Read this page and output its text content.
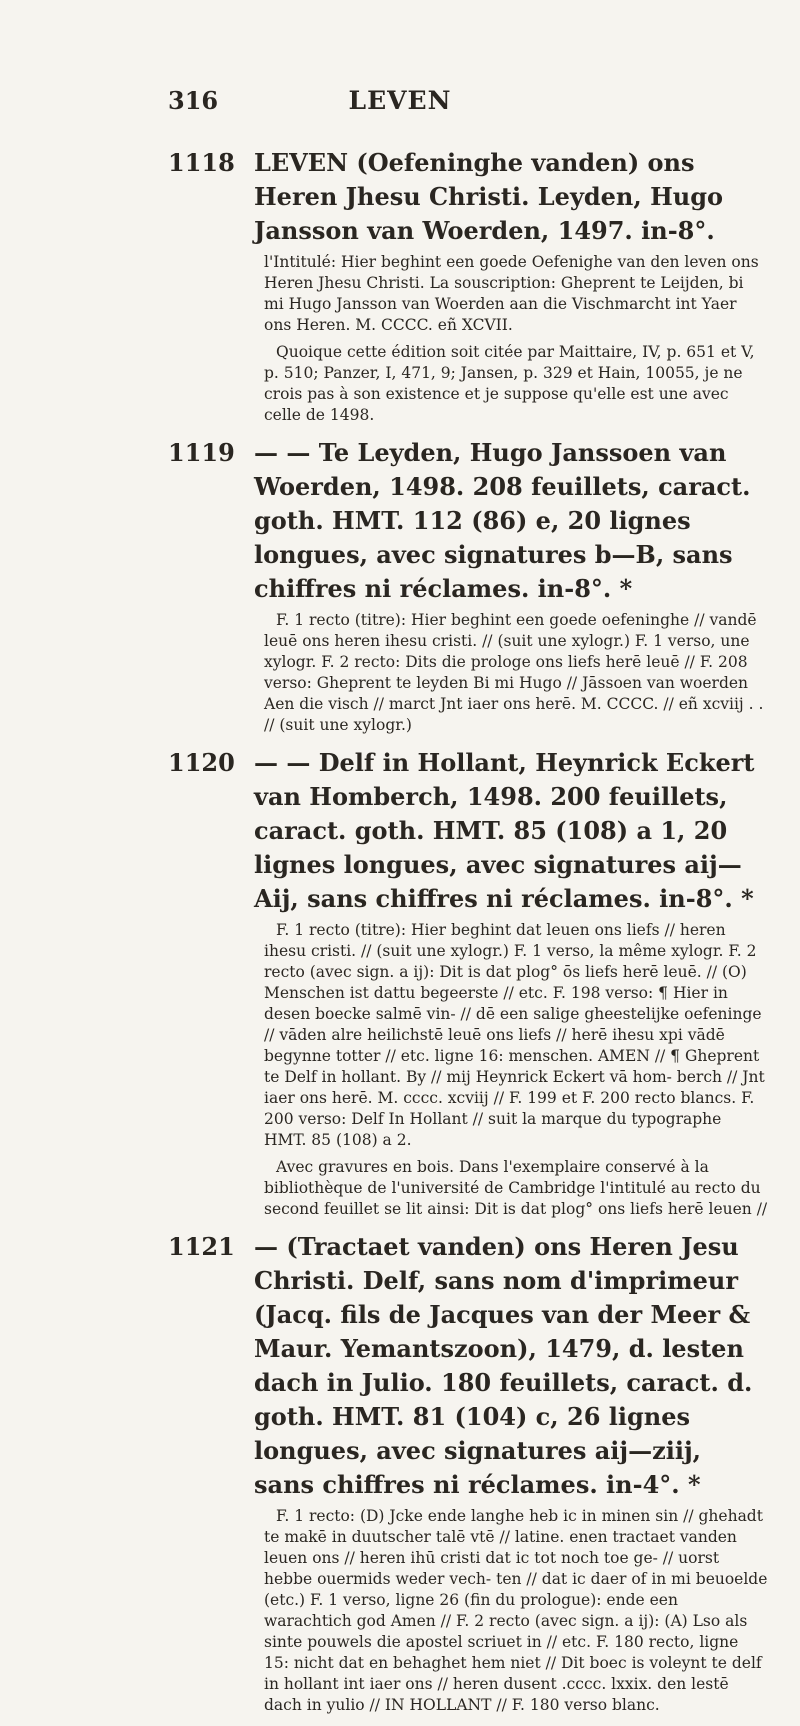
316	LEVEN
1118 LEVEN (Oefeninghe vanden) ons Heren Jhesu Christi. Leyden, Hugo Jansson van Woerden, 1497. in-8°.

l'Intitulé: Hier beghint een goede Oefenighe van den leven ons Heren Jhesu Christi. La souscription: Gheprent te Leijden, bi mi Hugo Jansson van Woerden aan die Vischmarcht int Yaer ons Heren. M. CCCC. eñ XCVII.

Quoique cette édition soit citée par Maittaire, IV, p. 651 et V, p. 510; Panzer, I, 471, 9; Jansen, p. 329 et Hain, 10055, je ne crois pas à son existence et je suppose qu'elle est une avec celle de 1498.

1119 — — Te Leyden, Hugo Janssoen van Woerden, 1498. 208 feuillets, caract. goth. HMT. 112 (86) e, 20 lignes longues, avec signatures b—B, sans chiffres ni réclames. in-8°. *

F. 1 recto (titre): Hier beghint een goede oefeninghe // vandē leuē ons heren ihesu cristi. // (suit une xylogr.) F. 1 verso, une xylogr. F. 2 recto: Dits die prologe ons liefs herē leuē // F. 208 verso: Gheprent te leyden Bi mi Hugo // Jāssoen van woerden Aen die visch // marct Jnt iaer ons herē. M. CCCC. // eñ xcviij . . // (suit une xylogr.)

1120 — — Delf in Hollant, Heynrick Eckert van Homberch, 1498. 200 feuillets, caract. goth. HMT. 85 (108) a 1, 20 lignes longues, avec signatures aij—Aij, sans chiffres ni réclames. in-8°. *

F. 1 recto (titre): Hier beghint dat leuen ons liefs // heren ihesu cristi. // (suit une xylogr.) F. 1 verso, la même xylogr. F. 2 recto (avec sign. a ij): Dit is dat plog° ōs liefs herē leuē. // (O) Menschen ist dattu begeerste // etc. F. 198 verso: ¶ Hier in desen boecke salmē vin- // dē een salige gheestelijke oefeninge // vāden alre heilichstē leuē ons liefs // herē ihesu xpi vādē begynne totter // etc. ligne 16: menschen. AMEN // ¶ Gheprent te Delf in hollant. By // mij Heynrick Eckert vā hom- berch // Jnt iaer ons herē. M. cccc. xcviij // F. 199 et F. 200 recto blancs. F. 200 verso: Delf In Hollant // suit la marque du typographe HMT. 85 (108) a 2.

Avec gravures en bois. Dans l'exemplaire conservé à la bibliothèque de l'université de Cambridge l'intitulé au recto du second feuillet se lit ainsi: Dit is dat plog° ons liefs herē leuen //

1121 — (Tractaet vanden) ons Heren Jesu Christi. Delf, sans nom d'imprimeur (Jacq. fils de Jacques van der Meer & Maur. Yemantszoon), 1479, d. lesten dach in Julio. 180 feuillets, caract. d. goth. HMT. 81 (104) c, 26 lignes longues, avec signatures aij—ziij, sans chiffres ni réclames. in-4°. *

F. 1 recto: (D) Jcke ende langhe heb ic in minen sin // ghehadt te makē in duutscher talē vtē // latine. enen tractaet vanden leuen ons // heren ihū cristi dat ic tot noch toe ge- // uorst hebbe ouermids weder vech- ten // dat ic daer of in mi beuoelde (etc.) F. 1 verso, ligne 26 (fin du prologue): ende een warachtich god Amen // F. 2 recto (avec sign. a ij): (A) Lso als sinte pouwels die apostel scriuet in // etc. F. 180 recto, ligne 15: nicht dat en behaghet hem niet // Dit boec is voleynt te delf in hollant int iaer ons // heren dusent .cccc. lxxix. den lestē dach in yulio // IN HOLLANT // F. 180 verso blanc.
